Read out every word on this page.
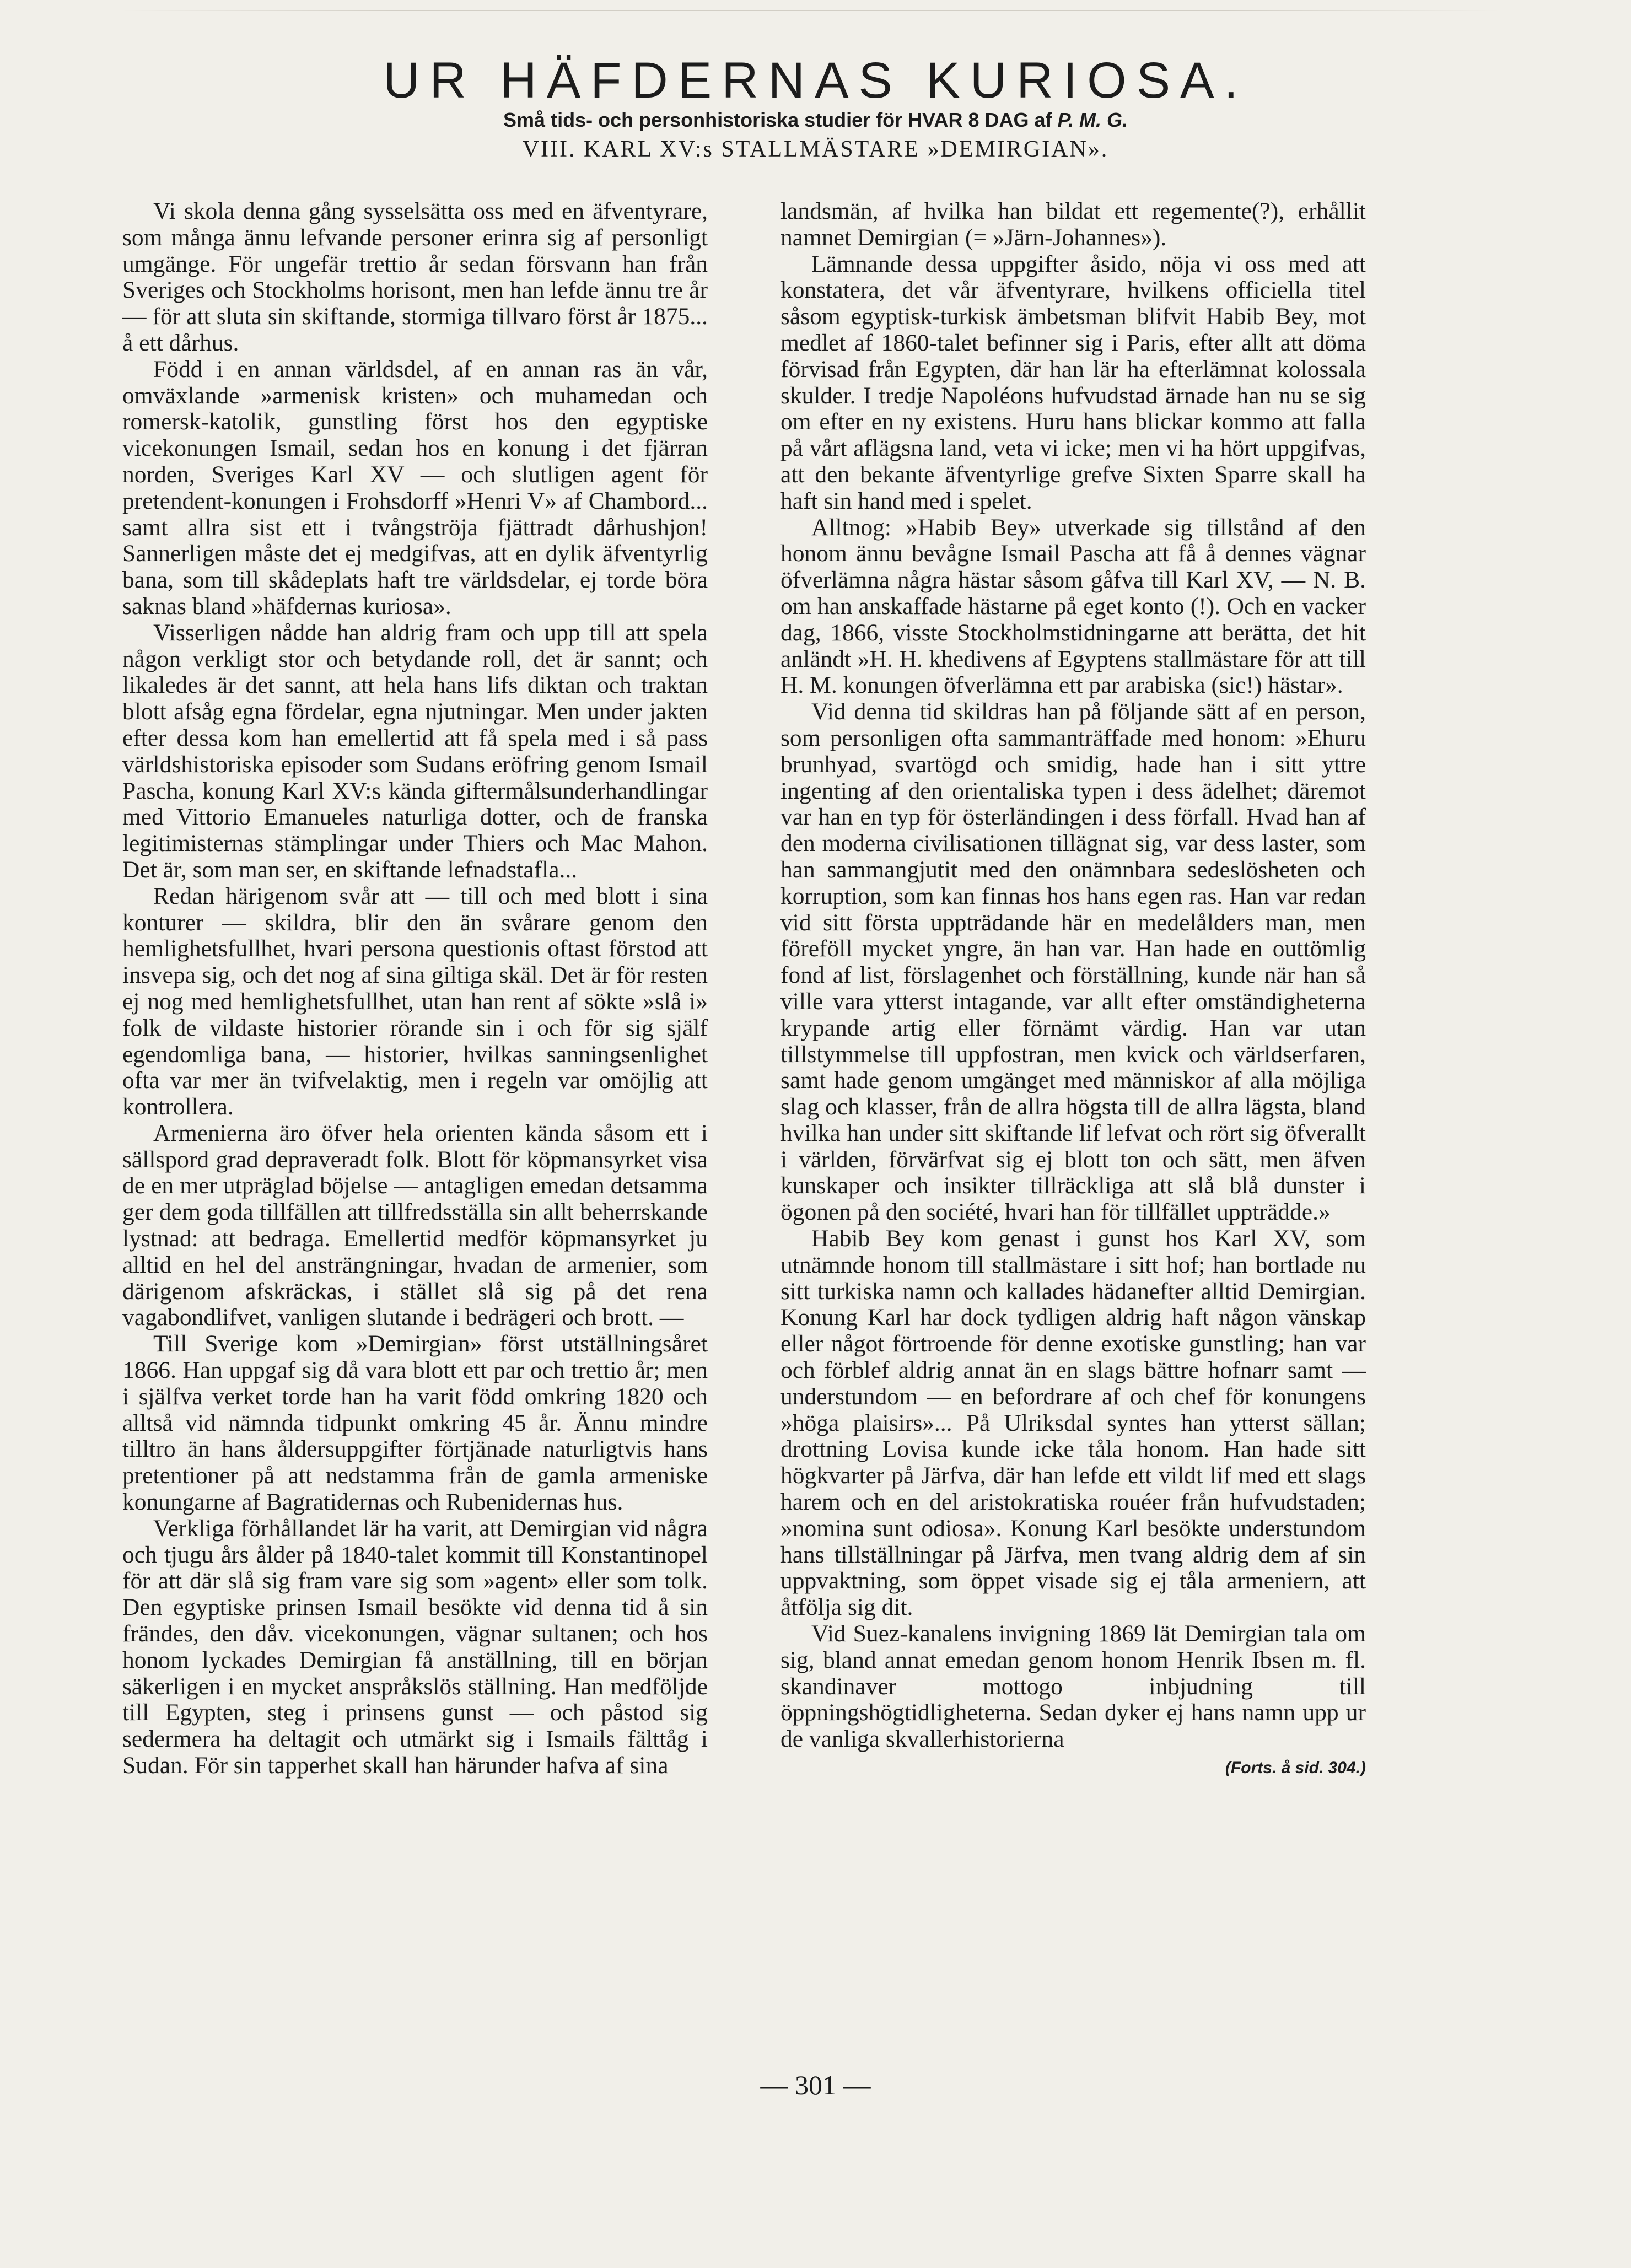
UR HÄFDERNAS KURIOSA.
Små tids- och personhistoriska studier för HVAR 8 DAG af P. M. G.
VIII. KARL XV:s STALLMÄSTARE »DEMIRGIAN».

Vi skola denna gång sysselsätta oss med en äfventyrare, som många ännu lefvande personer erinra sig af personligt umgänge. För ungefär trettio år sedan försvann han från Sveriges och Stockholms horisont, men han lefde ännu tre år — för att sluta sin skiftande, stormiga tillvaro först år 1875... å ett dårhus.

Född i en annan världsdel, af en annan ras än vår, omväxlande »armenisk kristen» och muhamedan och romersk-katolik, gunstling först hos den egyptiske vicekonungen Ismail, sedan hos en konung i det fjärran norden, Sveriges Karl XV — och slutligen agent för pretendent-konungen i Frohsdorff »Henri V» af Chambord... samt allra sist ett i tvångströja fjättradt dårhushjon! Sannerligen måste det ej medgifvas, att en dylik äfventyrlig bana, som till skådeplats haft tre världsdelar, ej torde böra saknas bland »häfdernas kuriosa».

Visserligen nådde han aldrig fram och upp till att spela någon verkligt stor och betydande roll, det är sannt; och likaledes är det sannt, att hela hans lifs diktan och traktan blott afsåg egna fördelar, egna njutningar. Men under jakten efter dessa kom han emellertid att få spela med i så pass världshistoriska episoder som Sudans eröfring genom Ismail Pascha, konung Karl XV:s kända giftermålsunderhandlingar med Vittorio Emanueles naturliga dotter, och de franska legitimisternas stämplingar under Thiers och Mac Mahon. Det är, som man ser, en skiftande lefnadstafla...

Redan härigenom svår att — till och med blott i sina konturer — skildra, blir den än svårare genom den hemlighetsfullhet, hvari persona questionis oftast förstod att insvepa sig, och det nog af sina giltiga skäl. Det är för resten ej nog med hemlighetsfullhet, utan han rent af sökte »slå i» folk de vildaste historier rörande sin i och för sig själf egendomliga bana, — historier, hvilkas sanningsenlighet ofta var mer än tvifvelaktig, men i regeln var omöjlig att kontrollera.

Armenierna äro öfver hela orienten kända såsom ett i sällspord grad depraveradt folk. Blott för köpmansyrket visa de en mer utpräglad böjelse — antagligen emedan detsamma ger dem goda tillfällen att tillfredsställa sin allt beherrskande lystnad: att bedraga. Emellertid medför köpmansyrket ju alltid en hel del ansträngningar, hvadan de armenier, som därigenom afskräckas, i stället slå sig på det rena vagabondlifvet, vanligen slutande i bedrägeri och brott. —

Till Sverige kom »Demirgian» först utställningsåret 1866. Han uppgaf sig då vara blott ett par och trettio år; men i själfva verket torde han ha varit född omkring 1820 och alltså vid nämnda tidpunkt omkring 45 år. Ännu mindre tilltro än hans åldersuppgifter förtjänade naturligtvis hans pretentioner på att nedstamma från de gamla armeniske konungarne af Bagratidernas och Rubenidernas hus.

Verkliga förhållandet lär ha varit, att Demirgian vid några och tjugu års ålder på 1840-talet kommit till Konstantinopel för att där slå sig fram vare sig som »agent» eller som tolk. Den egyptiske prinsen Ismail besökte vid denna tid å sin frändes, den dåv. vicekonungen, vägnar sultanen; och hos honom lyckades Demirgian få anställning, till en början säkerligen i en mycket anspråkslös ställning. Han medföljde till Egypten, steg i prinsens gunst — och påstod sig sedermera ha deltagit och utmärkt sig i Ismails fälttåg i Sudan. För sin tapperhet skall han härunder hafva af sina

landsmän, af hvilka han bildat ett regemente(?), erhållit namnet Demirgian (= »Järn-Johannes»).

Lämnande dessa uppgifter åsido, nöja vi oss med att konstatera, det vår äfventyrare, hvilkens officiella titel såsom egyptisk-turkisk ämbetsman blifvit Habib Bey, mot medlet af 1860-talet befinner sig i Paris, efter allt att döma förvisad från Egypten, där han lär ha efterlämnat kolossala skulder. I tredje Napoléons hufvudstad ärnade han nu se sig om efter en ny existens. Huru hans blickar kommo att falla på vårt aflägsna land, veta vi icke; men vi ha hört uppgifvas, att den bekante äfventyrlige grefve Sixten Sparre skall ha haft sin hand med i spelet.

Alltnog: »Habib Bey» utverkade sig tillstånd af den honom ännu bevågne Ismail Pascha att få å dennes vägnar öfverlämna några hästar såsom gåfva till Karl XV, — N. B. om han anskaffade hästarne på eget konto (!). Och en vacker dag, 1866, visste Stockholmstidningarne att berätta, det hit anländt »H. H. khedivens af Egyptens stallmästare för att till H. M. konungen öfverlämna ett par arabiska (sic!) hästar».

Vid denna tid skildras han på följande sätt af en person, som personligen ofta sammanträffade med honom: »Ehuru brunhyad, svartögd och smidig, hade han i sitt yttre ingenting af den orientaliska typen i dess ädelhet; däremot var han en typ för österländingen i dess förfall. Hvad han af den moderna civilisationen tillägnat sig, var dess laster, som han sammangjutit med den onämnbara sedeslösheten och korruption, som kan finnas hos hans egen ras. Han var redan vid sitt första uppträdande här en medelålders man, men föreföll mycket yngre, än han var. Han hade en outtömlig fond af list, förslagenhet och förställning, kunde när han så ville vara ytterst intagande, var allt efter omständigheterna krypande artig eller förnämt värdig. Han var utan tillstymmelse till uppfostran, men kvick och världserfaren, samt hade genom umgänget med människor af alla möjliga slag och klasser, från de allra högsta till de allra lägsta, bland hvilka han under sitt skiftande lif lefvat och rört sig öfverallt i världen, förvärfvat sig ej blott ton och sätt, men äfven kunskaper och insikter tillräckliga att slå blå dunster i ögonen på den société, hvari han för tillfället uppträdde.»

Habib Bey kom genast i gunst hos Karl XV, som utnämnde honom till stallmästare i sitt hof; han bortlade nu sitt turkiska namn och kallades hädanefter alltid Demirgian. Konung Karl har dock tydligen aldrig haft någon vänskap eller något förtroende för denne exotiske gunstling; han var och förblef aldrig annat än en slags bättre hofnarr samt — understundom — en befordrare af och chef för konungens »höga plaisirs»... På Ulriksdal syntes han ytterst sällan; drottning Lovisa kunde icke tåla honom. Han hade sitt högkvarter på Järfva, där han lefde ett vildt lif med ett slags harem och en del aristokratiska rouéer från hufvudstaden; »nomina sunt odiosa». Konung Karl besökte understundom hans tillställningar på Järfva, men tvang aldrig dem af sin uppvaktning, som öppet visade sig ej tåla armeniern, att åtfölja sig dit.

Vid Suez-kanalens invigning 1869 lät Demirgian tala om sig, bland annat emedan genom honom Henrik Ibsen m. fl. skandinaver mottogo inbjudning till öppningshögtidligheterna. Sedan dyker ej hans namn upp ur de vanliga skvallerhistorierna

(Forts. å sid. 304.)
— 301 —
